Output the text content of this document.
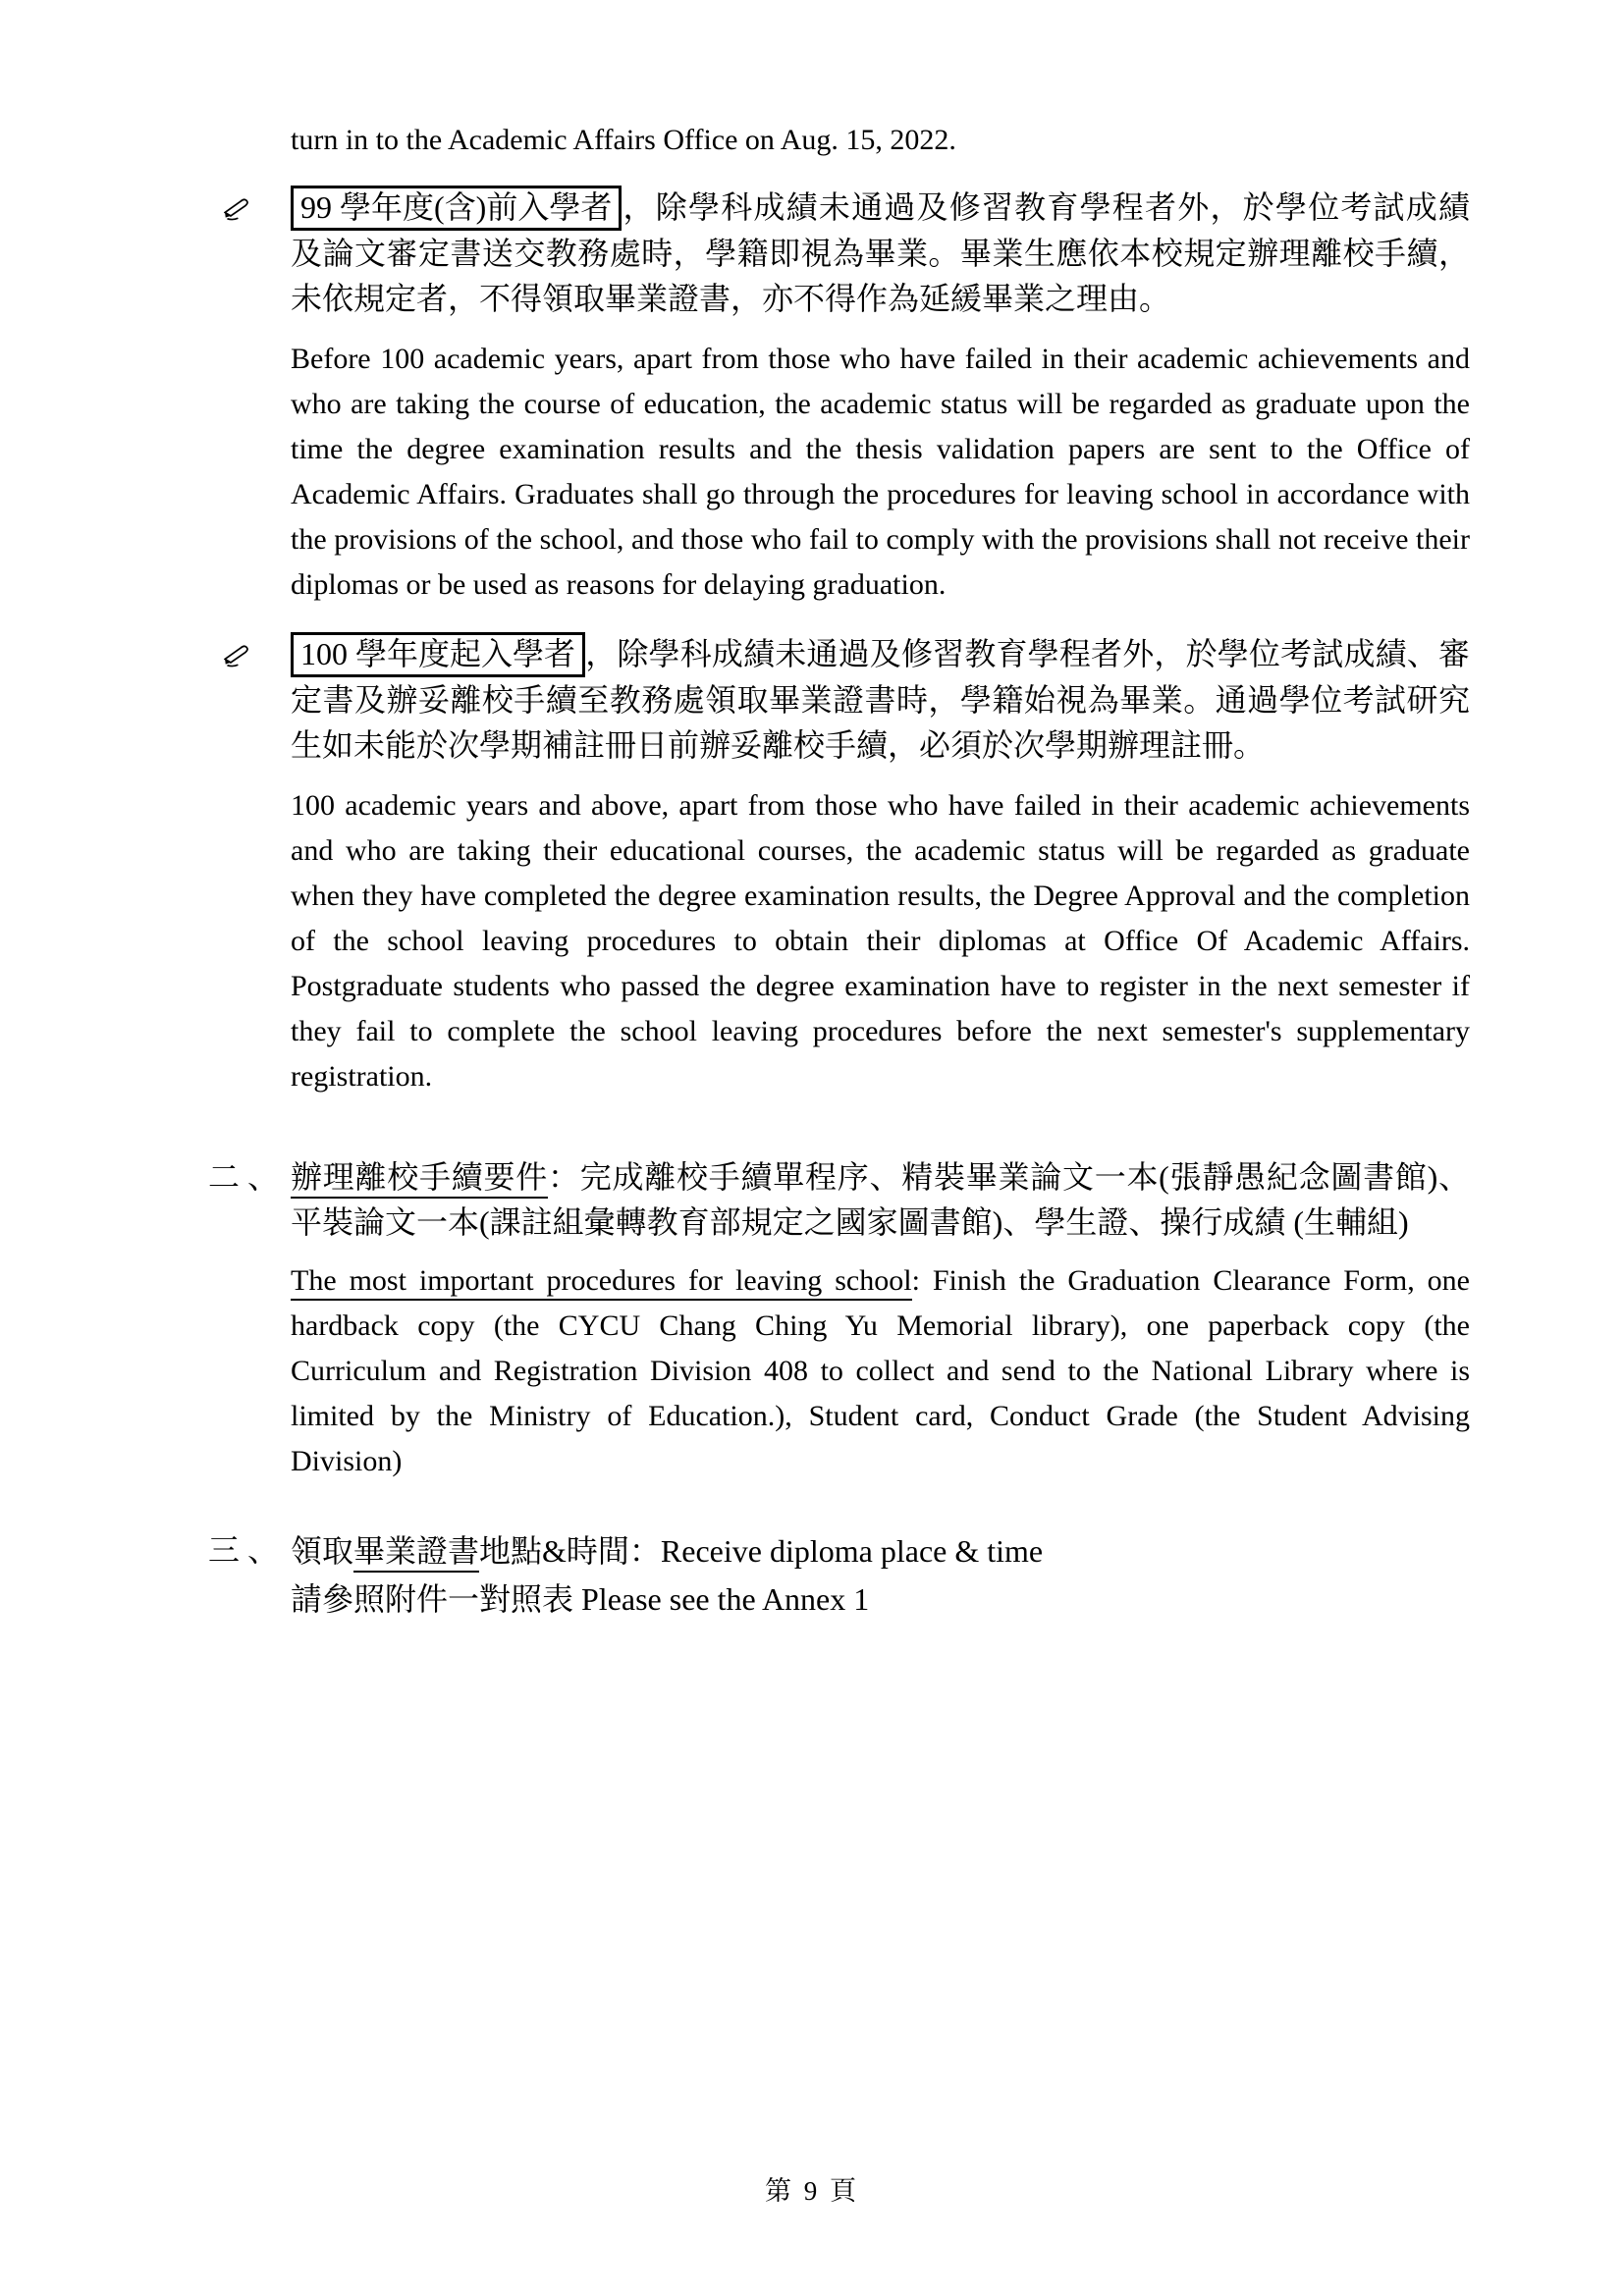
turn in to the Academic Affairs Office on Aug. 15, 2022.

99 學年度(含)前入學者 ，除學科成績未通過及修習教育學程者外，於學位考試成績及論文審定書送交教務處時，學籍即視為畢業。畢業生應依本校規定辦理離校手續，未依規定者，不得領取畢業證書，亦不得作為延緩畢業之理由。

Before 100 academic years, apart from those who have failed in their academic achievements and who are taking the course of education, the academic status will be regarded as graduate upon the time the degree examination results and the thesis validation papers are sent to the Office of Academic Affairs. Graduates shall go through the procedures for leaving school in accordance with the provisions of the school, and those who fail to comply with the provisions shall not receive their diplomas or be used as reasons for delaying graduation.

100 學年度起入學者 ，除學科成績未通過及修習教育學程者外，於學位考試成績、審定書及辦妥離校手續至教務處領取畢業證書時，學籍始視為畢業。通過學位考試研究生如未能於次學期補註冊日前辦妥離校手續，必須於次學期辦理註冊。

100 academic years and above, apart from those who have failed in their academic achievements and who are taking their educational courses, the academic status will be regarded as graduate when they have completed the degree examination results, the Degree Approval and the completion of the school leaving procedures to obtain their diplomas at Office Of Academic Affairs. Postgraduate students who passed the degree examination have to register in the next semester if they fail to complete the school leaving procedures before the next semester's supplementary registration.

二、 辦理離校手續要件：完成離校手續單程序、精裝畢業論文一本(張靜愚紀念圖書館)、平裝論文一本(課註組彙轉教育部規定之國家圖書館)、學生證、操行成績 (生輔組)

The most important procedures for leaving school: Finish the Graduation Clearance Form, one hardback copy (the CYCU Chang Ching Yu Memorial library), one paperback copy (the Curriculum and Registration Division 408 to collect and send to the National Library where is limited by the Ministry of Education.), Student card, Conduct Grade (the Student Advising Division)

三、 領取畢業證書地點&時間：Receive diploma place & time

請參照附件一對照表 Please see the Annex 1

第 9 頁
